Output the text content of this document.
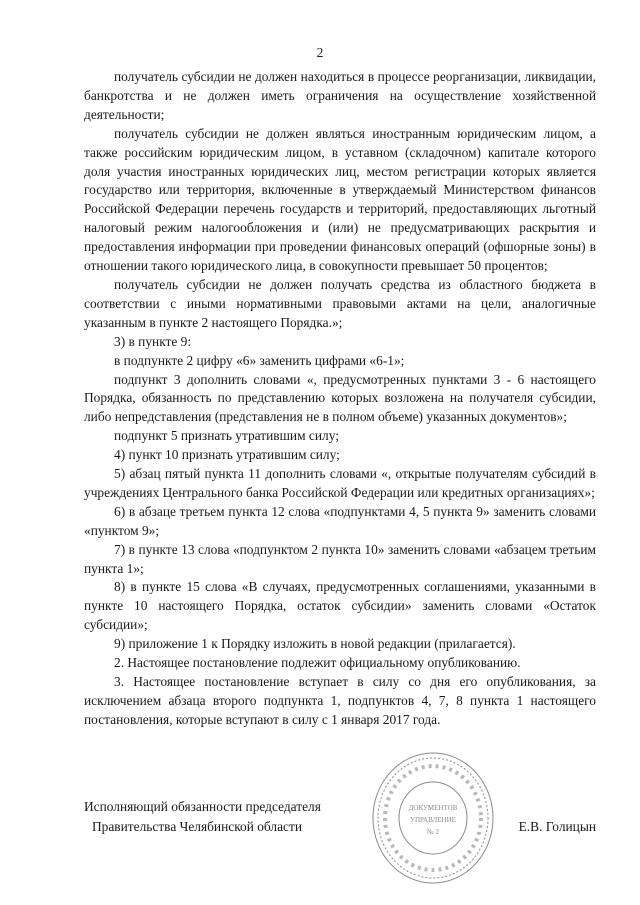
2

получатель субсидии не должен находиться в процессе реорганизации, ликвидации, банкротства и не должен иметь ограничения на осуществление хозяйственной деятельности;

получатель субсидии не должен являться иностранным юридическим лицом, а также российским юридическим лицом, в уставном (складочном) капитале которого доля участия иностранных юридических лиц, местом регистрации которых является государство или территория, включенные в утверждаемый Министерством финансов Российской Федерации перечень государств и территорий, предоставляющих льготный налоговый режим налогообложения и (или) не предусматривающих раскрытия и предоставления информации при проведении финансовых операций (офшорные зоны) в отношении такого юридического лица, в совокупности превышает 50 процентов;

получатель субсидии не должен получать средства из областного бюджета в соответствии с иными нормативными правовыми актами на цели, аналогичные указанным в пункте 2 настоящего Порядка.»;

3) в пункте 9:

в подпункте 2 цифру «6» заменить цифрами «6-1»;

подпункт 3 дополнить словами «, предусмотренных пунктами 3 - 6 настоящего Порядка, обязанность по представлению которых возложена на получателя субсидии, либо непредставления (представления не в полном объеме) указанных документов»;

подпункт 5 признать утратившим силу;

4) пункт 10 признать утратившим силу;

5) абзац пятый пункта 11 дополнить словами «, открытые получателям субсидий в учреждениях Центрального банка Российской Федерации или кредитных организациях»;

6) в абзаце третьем пункта 12 слова «подпунктами 4, 5 пункта 9» заменить словами «пунктом 9»;

7) в пункте 13 слова «подпунктом 2 пункта 10» заменить словами «абзацем третьим пункта 1»;

8) в пункте 15 слова «В случаях, предусмотренных соглашениями, указанными в пункте 10 настоящего Порядка, остаток субсидии» заменить словами «Остаток субсидии»;

9) приложение 1 к Порядку изложить в новой редакции (прилагается).

2. Настоящее постановление подлежит официальному опубликованию.

3. Настоящее постановление вступает в силу со дня его опубликования, за исключением абзаца второго подпункта 1, подпунктов 4, 7, 8 пункта 1 настоящего постановления, которые вступают в силу с 1 января 2017 года.

ДОКУМЕНТОВ
УПРАВЛЕНИЕ
№ 2
Исполняющий обязанности председателя
Правительства Челябинской области	Е.В. Голицын
